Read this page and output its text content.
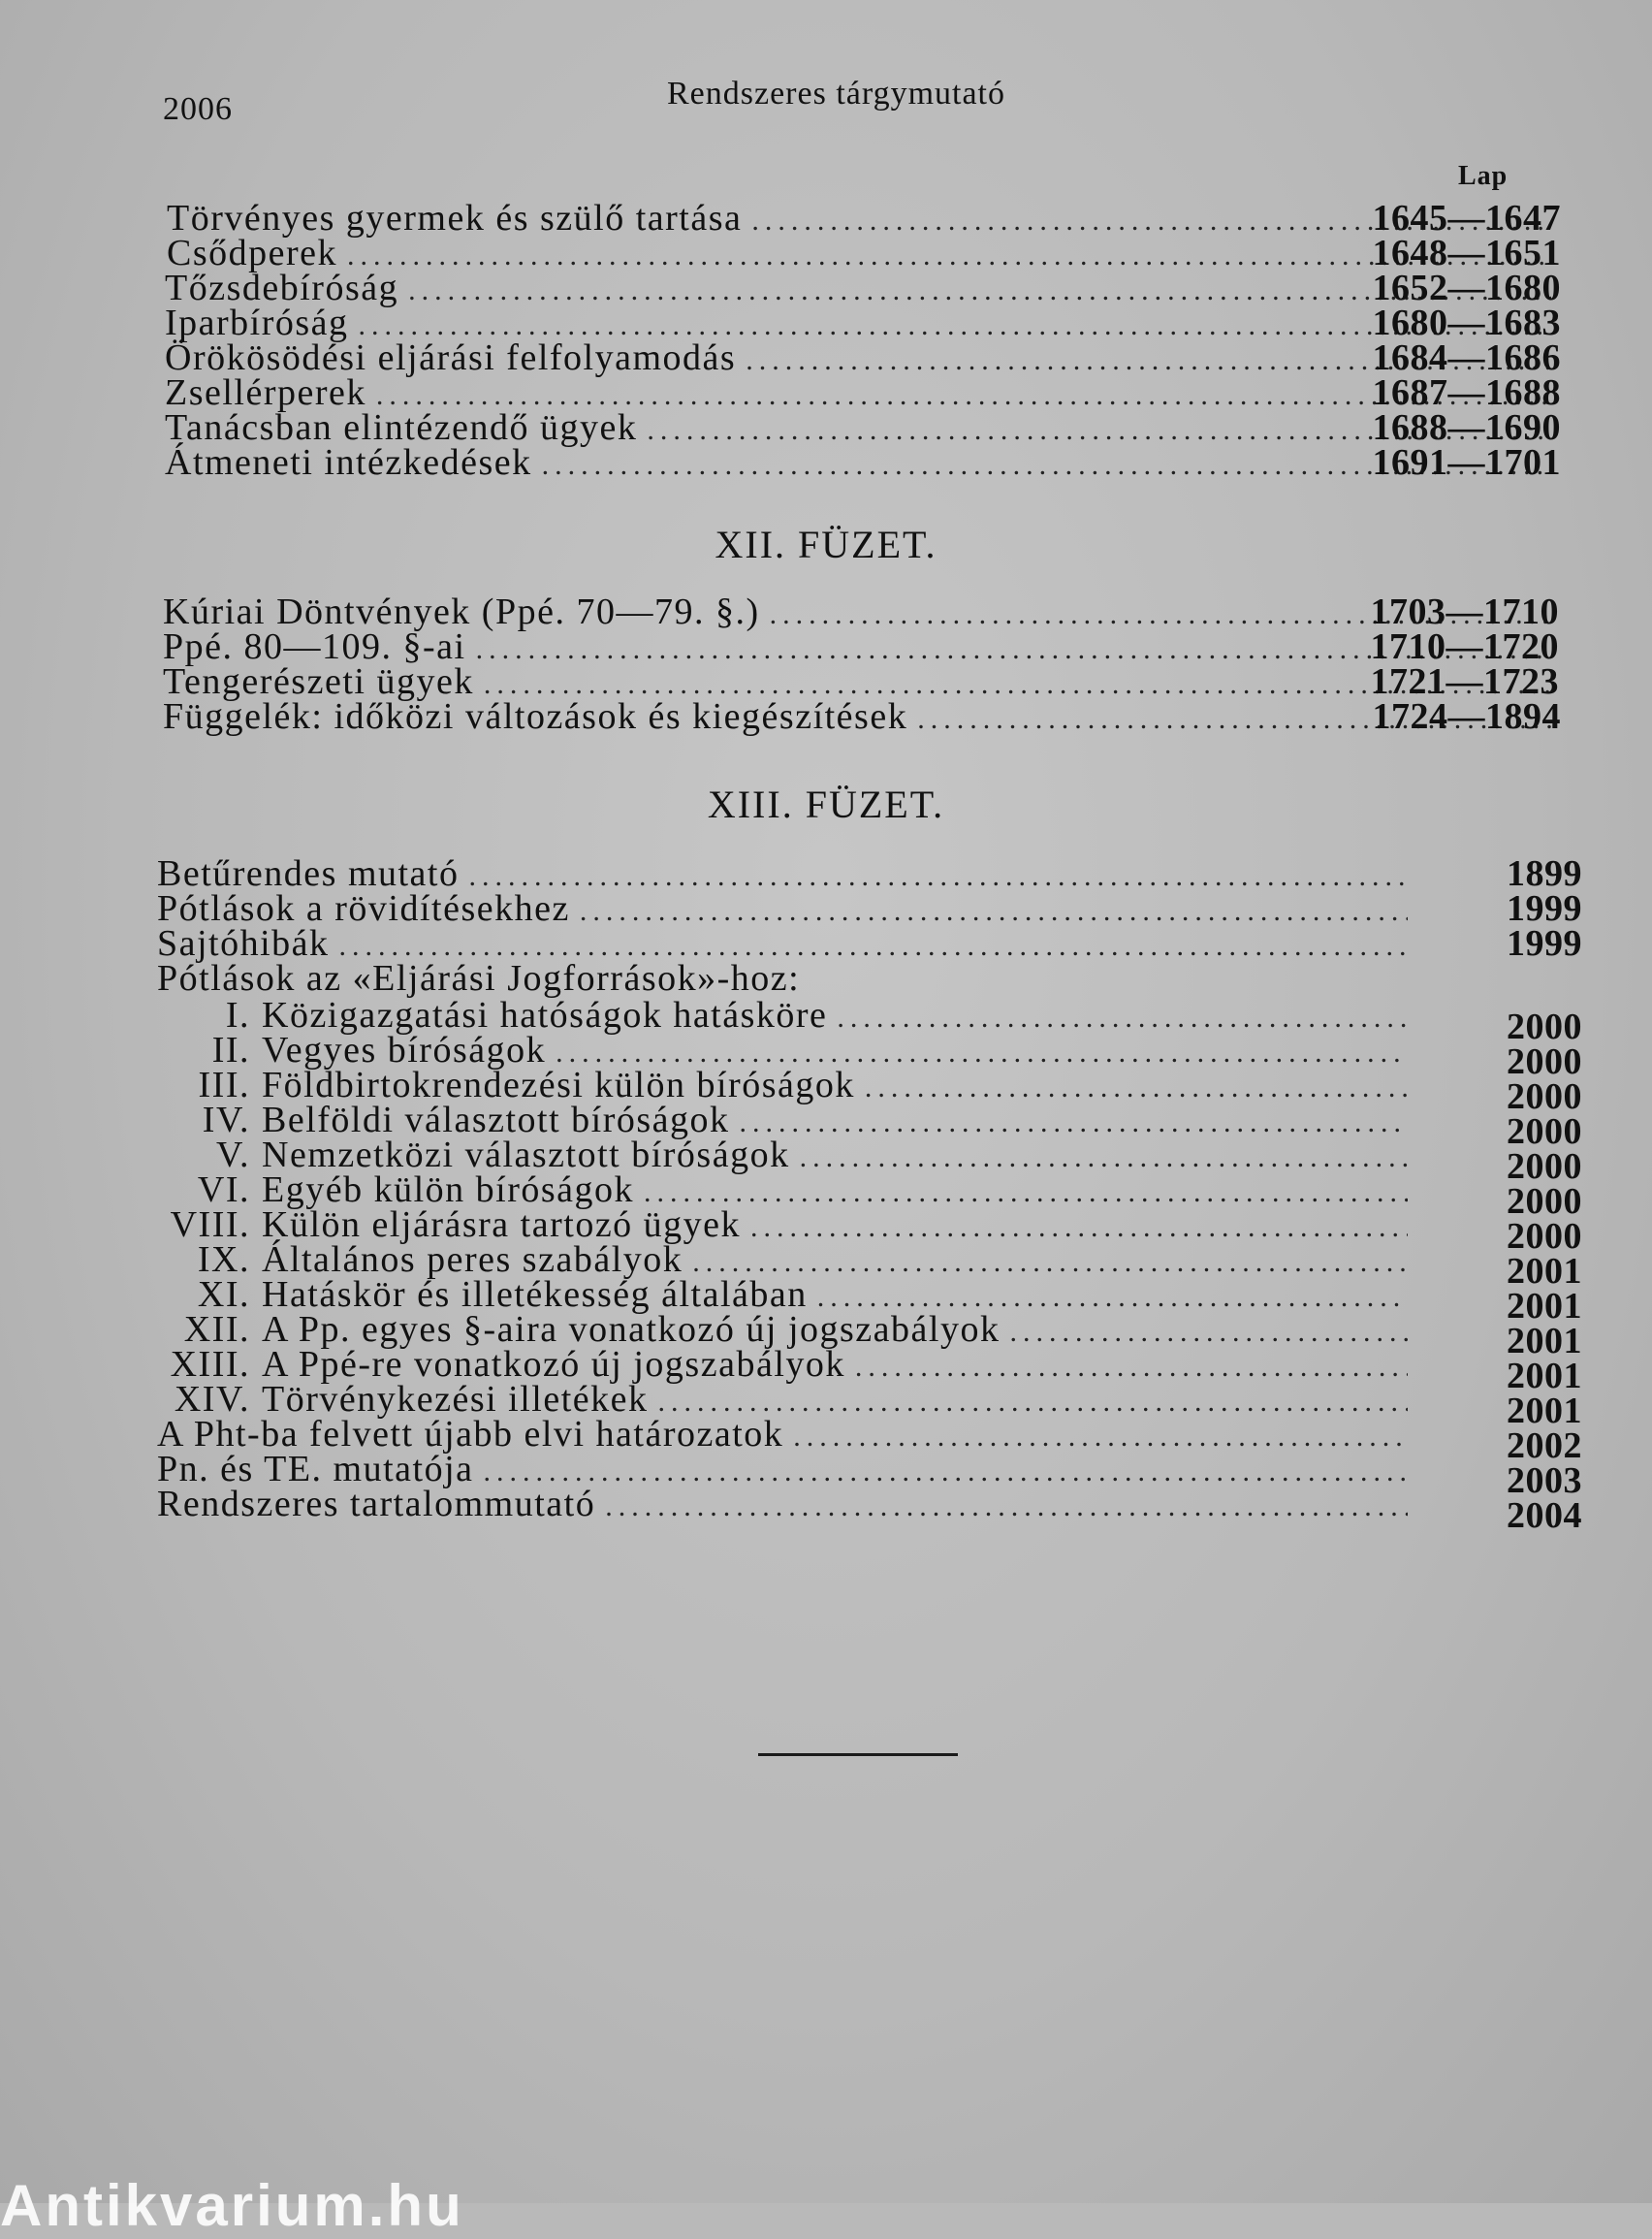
2006	Rendszeres tárgymutató
Lap
Törvényes gyermek és szülő tartása .....	1645—1647
Csődperek .....	1648—1651
Tőzsdebíróság .....	1652—1680
Iparbíróság .....	1680—1683
Örökösödési eljárási felfolyamodás .....	1684—1686
Zsellérperek .....	1687—1688
Tanácsban elintézendő ügyek .....	1688—1690
Átmeneti intézkedések .....	1691—1701
XII. FÜZET.
Kúriai Döntvények (Ppé. 70—79. §.) .....	1703—1710
Ppé. 80—109. §-ai .....	1710—1720
Tengerészeti ügyek .....	1721—1723
Függelék: időközi változások és kiegészítések .....	1724—1894
XIII. FÜZET.
Betűrendes mutató .....	1899
Pótlások a rövidítésekhez .....	1999
Sajtóhibák .....	1999
Pótlások az «Eljárási Jogforrások»-hoz:
I. Közigazgatási hatóságok hatásköre .....	2000
II. Vegyes bíróságok .....	2000
III. Földbirtokrendezési külön bíróságok .....	2000
IV. Belföldi választott bíróságok .....	2000
V. Nemzetközi választott bíróságok .....	2000
VI. Egyéb külön bíróságok .....	2000
VIII. Külön eljárásra tartozó ügyek .....	2000
IX. Általános peres szabályok .....	2001
XI. Hatáskör és illetékesség általában .....	2001
XII. A Pp. egyes §-aira vonatkozó új jogszabályok .....	2001
XIII. A Ppé-re vonatkozó új jogszabályok .....	2001
XIV. Törvénykezési illetékek .....	2001
A Pht-ba felvett újabb elvi határozatok .....	2002
Pn. és TE. mutatója .....	2003
Rendszeres tartalommutató .....	2004
Antikvarium.hu
